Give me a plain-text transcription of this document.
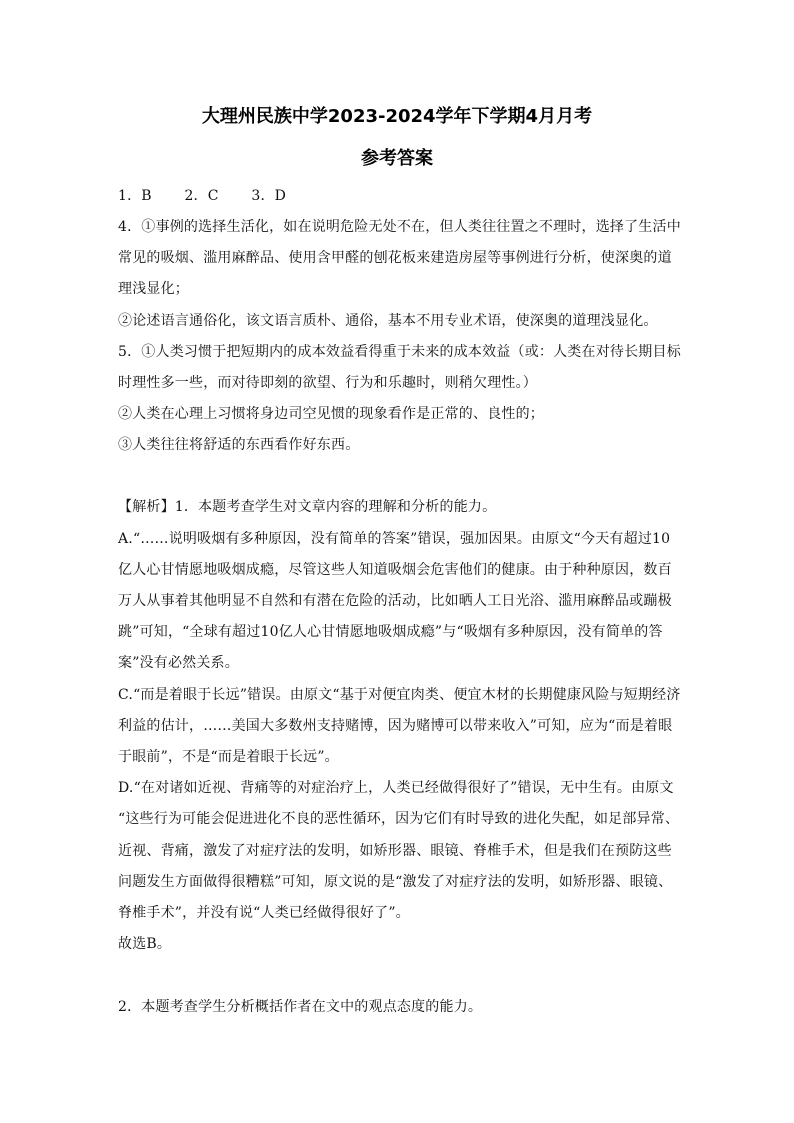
大理州民族中学2023-2024学年下学期4月月考
参考答案
1．B 2．C 3．D
4．①事例的选择生活化，如在说明危险无处不在，但人类往往置之不理时，选择了生活中
常见的吸烟、滥用麻醉品、使用含甲醛的刨花板来建造房屋等事例进行分析，使深奥的道
理浅显化；
②论述语言通俗化，该文语言质朴、通俗，基本不用专业术语，使深奥的道理浅显化。
5．①人类习惯于把短期内的成本效益看得重于未来的成本效益（或：人类在对待长期目标
时理性多一些，而对待即刻的欲望、行为和乐趣时，则稍欠理性。）
②人类在心理上习惯将身边司空见惯的现象看作是正常的、良性的；
③人类往往将舒适的东西看作好东西。
【解析】1．本题考查学生对文章内容的理解和分析的能力。
A.“……说明吸烟有多种原因，没有简单的答案”错误，强加因果。由原文“今天有超过10
亿人心甘情愿地吸烟成瘾，尽管这些人知道吸烟会危害他们的健康。由于种种原因，数百
万人从事着其他明显不自然和有潜在危险的活动，比如晒人工日光浴、滥用麻醉品或蹦极
跳”可知，“全球有超过10亿人心甘情愿地吸烟成瘾”与“吸烟有多种原因，没有简单的答
案”没有必然关系。
C.“而是着眼于长远”错误。由原文“基于对便宜肉类、便宜木材的长期健康风险与短期经济
利益的估计，……美国大多数州支持赌博，因为赌博可以带来收入”可知，应为“而是着眼
于眼前”，不是“而是着眼于长远”。
D.“在对诸如近视、背痛等的对症治疗上，人类已经做得很好了”错误，无中生有。由原文
“这些行为可能会促进进化不良的恶性循环，因为它们有时导致的进化失配，如足部异常、
近视、背痛，激发了对症疗法的发明，如矫形器、眼镜、脊椎手术，但是我们在预防这些
问题发生方面做得很糟糕”可知，原文说的是“激发了对症疗法的发明，如矫形器、眼镜、
脊椎手术”，并没有说“人类已经做得很好了”。
故选B。
2．本题考查学生分析概括作者在文中的观点态度的能力。
